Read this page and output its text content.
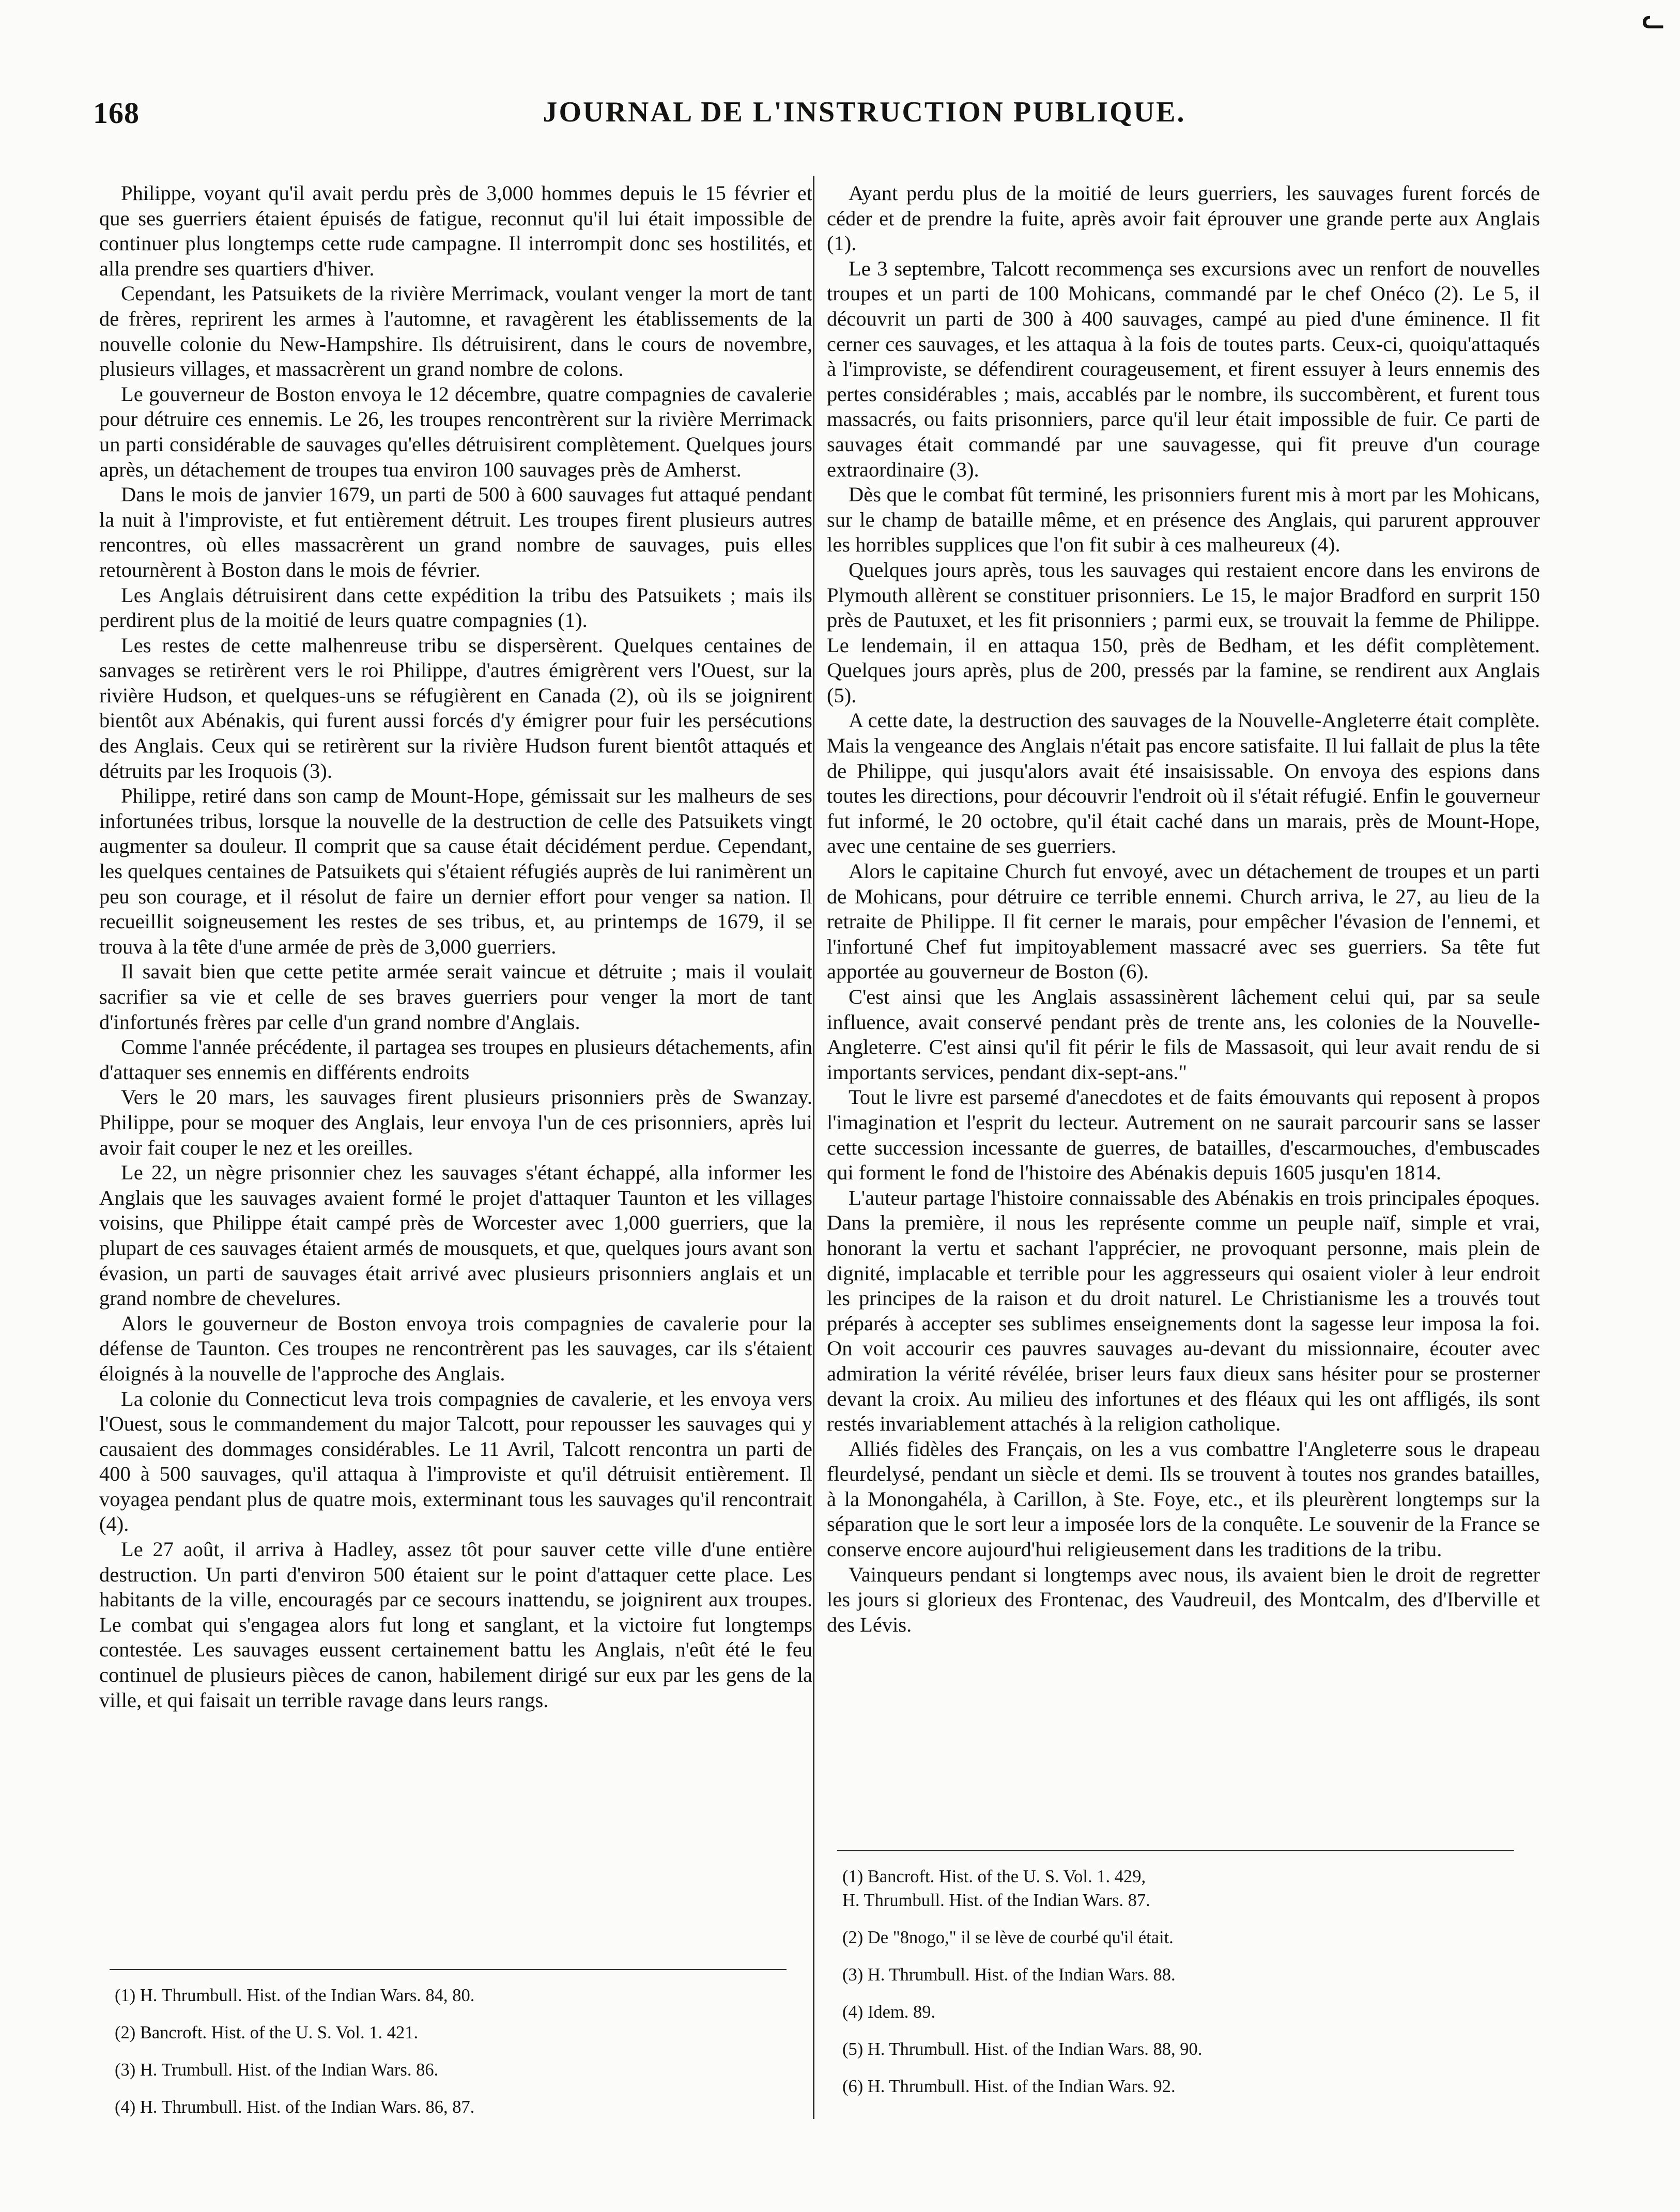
168	JOURNAL DE L'INSTRUCTION PUBLIQUE.
ᓚ

Philippe, voyant qu'il avait perdu près de 3,000 hommes depuis le 15 février et que ses guerriers étaient épuisés de fatigue, reconnut qu'il lui était impossible de continuer plus longtemps cette rude campagne. Il interrompit donc ses hostilités, et alla prendre ses quartiers d'hiver.

Cependant, les Patsuikets de la rivière Merrimack, voulant venger la mort de tant de frères, reprirent les armes à l'automne, et ravagèrent les établissements de la nouvelle colonie du New-Hampshire. Ils détruisirent, dans le cours de novembre, plusieurs villages, et massacrèrent un grand nombre de colons.

Le gouverneur de Boston envoya le 12 décembre, quatre compagnies de cavalerie pour détruire ces ennemis. Le 26, les troupes rencontrèrent sur la rivière Merrimack un parti considérable de sauvages qu'elles détruisirent complètement. Quelques jours après, un détachement de troupes tua environ 100 sauvages près de Amherst.

Dans le mois de janvier 1679, un parti de 500 à 600 sauvages fut attaqué pendant la nuit à l'improviste, et fut entièrement détruit. Les troupes firent plusieurs autres rencontres, où elles massacrèrent un grand nombre de sauvages, puis elles retournèrent à Boston dans le mois de février.

Les Anglais détruisirent dans cette expédition la tribu des Patsuikets ; mais ils perdirent plus de la moitié de leurs quatre compagnies (1).

Les restes de cette malhenreuse tribu se dispersèrent. Quelques centaines de sanvages se retirèrent vers le roi Philippe, d'autres émigrèrent vers l'Ouest, sur la rivière Hudson, et quelques-uns se réfugièrent en Canada (2), où ils se joignirent bientôt aux Abénakis, qui furent aussi forcés d'y émigrer pour fuir les persécutions des Anglais. Ceux qui se retirèrent sur la rivière Hudson furent bientôt attaqués et détruits par les Iroquois (3).

Philippe, retiré dans son camp de Mount-Hope, gémissait sur les malheurs de ses infortunées tribus, lorsque la nouvelle de la destruction de celle des Patsuikets vingt augmenter sa douleur. Il comprit que sa cause était décidément perdue. Cependant, les quelques centaines de Patsuikets qui s'étaient réfugiés auprès de lui ranimèrent un peu son courage, et il résolut de faire un dernier effort pour venger sa nation. Il recueillit soigneusement les restes de ses tribus, et, au printemps de 1679, il se trouva à la tête d'une armée de près de 3,000 guerriers.

Il savait bien que cette petite armée serait vaincue et détruite ; mais il voulait sacrifier sa vie et celle de ses braves guerriers pour venger la mort de tant d'infortunés frères par celle d'un grand nombre d'Anglais.

Comme l'année précédente, il partagea ses troupes en plusieurs détachements, afin d'attaquer ses ennemis en différents endroits

Vers le 20 mars, les sauvages firent plusieurs prisonniers près de Swanzay. Philippe, pour se moquer des Anglais, leur envoya l'un de ces prisonniers, après lui avoir fait couper le nez et les oreilles.

Le 22, un nègre prisonnier chez les sauvages s'étant échappé, alla informer les Anglais que les sauvages avaient formé le projet d'attaquer Taunton et les villages voisins, que Philippe était campé près de Worcester avec 1,000 guerriers, que la plupart de ces sauvages étaient armés de mousquets, et que, quelques jours avant son évasion, un parti de sauvages était arrivé avec plusieurs prisonniers anglais et un grand nombre de chevelures.

Alors le gouverneur de Boston envoya trois compagnies de cavalerie pour la défense de Taunton. Ces troupes ne rencontrèrent pas les sauvages, car ils s'étaient éloignés à la nouvelle de l'approche des Anglais.

La colonie du Connecticut leva trois compagnies de cavalerie, et les envoya vers l'Ouest, sous le commandement du major Talcott, pour repousser les sauvages qui y causaient des dommages considérables. Le 11 Avril, Talcott rencontra un parti de 400 à 500 sauvages, qu'il attaqua à l'improviste et qu'il détruisit entièrement. Il voyagea pendant plus de quatre mois, exterminant tous les sauvages qu'il rencontrait (4).

Le 27 août, il arriva à Hadley, assez tôt pour sauver cette ville d'une entière destruction. Un parti d'environ 500 étaient sur le point d'attaquer cette place. Les habitants de la ville, encouragés par ce secours inattendu, se joignirent aux troupes. Le combat qui s'engagea alors fut long et sanglant, et la victoire fut longtemps contestée. Les sauvages eussent certainement battu les Anglais, n'eût été le feu continuel de plusieurs pièces de canon, habilement dirigé sur eux par les gens de la ville, et qui faisait un terrible ravage dans leurs rangs.

Ayant perdu plus de la moitié de leurs guerriers, les sauvages furent forcés de céder et de prendre la fuite, après avoir fait éprouver une grande perte aux Anglais (1).

Le 3 septembre, Talcott recommença ses excursions avec un renfort de nouvelles troupes et un parti de 100 Mohicans, commandé par le chef Onéco (2). Le 5, il découvrit un parti de 300 à 400 sauvages, campé au pied d'une éminence. Il fit cerner ces sauvages, et les attaqua à la fois de toutes parts. Ceux-ci, quoiqu'attaqués à l'improviste, se défendirent courageusement, et firent essuyer à leurs ennemis des pertes considérables ; mais, accablés par le nombre, ils succombèrent, et furent tous massacrés, ou faits prisonniers, parce qu'il leur était impossible de fuir. Ce parti de sauvages était commandé par une sauvagesse, qui fit preuve d'un courage extraordinaire (3).

Dès que le combat fût terminé, les prisonniers furent mis à mort par les Mohicans, sur le champ de bataille même, et en présence des Anglais, qui parurent approuver les horribles supplices que l'on fit subir à ces malheureux (4).

Quelques jours après, tous les sauvages qui restaient encore dans les environs de Plymouth allèrent se constituer prisonniers. Le 15, le major Bradford en surprit 150 près de Pautuxet, et les fit prisonniers ; parmi eux, se trouvait la femme de Philippe. Le lendemain, il en attaqua 150, près de Bedham, et les défit complètement. Quelques jours après, plus de 200, pressés par la famine, se rendirent aux Anglais (5).

A cette date, la destruction des sauvages de la Nouvelle-Angleterre était complète. Mais la vengeance des Anglais n'était pas encore satisfaite. Il lui fallait de plus la tête de Philippe, qui jusqu'alors avait été insaisissable. On envoya des espions dans toutes les directions, pour découvrir l'endroit où il s'était réfugié. Enfin le gouverneur fut informé, le 20 octobre, qu'il était caché dans un marais, près de Mount-Hope, avec une centaine de ses guerriers.

Alors le capitaine Church fut envoyé, avec un détachement de troupes et un parti de Mohicans, pour détruire ce terrible ennemi. Church arriva, le 27, au lieu de la retraite de Philippe. Il fit cerner le marais, pour empêcher l'évasion de l'ennemi, et l'infortuné Chef fut impitoyablement massacré avec ses guerriers. Sa tête fut apportée au gouverneur de Boston (6).

C'est ainsi que les Anglais assassinèrent lâchement celui qui, par sa seule influence, avait conservé pendant près de trente ans, les colonies de la Nouvelle-Angleterre. C'est ainsi qu'il fit périr le fils de Massasoit, qui leur avait rendu de si importants services, pendant dix-sept-ans."

Tout le livre est parsemé d'anecdotes et de faits émouvants qui reposent à propos l'imagination et l'esprit du lecteur. Autrement on ne saurait parcourir sans se lasser cette succession incessante de guerres, de batailles, d'escarmouches, d'embuscades qui forment le fond de l'histoire des Abénakis depuis 1605 jusqu'en 1814.

L'auteur partage l'histoire connaissable des Abénakis en trois principales époques. Dans la première, il nous les représente comme un peuple naïf, simple et vrai, honorant la vertu et sachant l'apprécier, ne provoquant personne, mais plein de dignité, implacable et terrible pour les aggresseurs qui osaient violer à leur endroit les principes de la raison et du droit naturel. Le Christianisme les a trouvés tout préparés à accepter ses sublimes enseignements dont la sagesse leur imposa la foi. On voit accourir ces pauvres sauvages au-devant du missionnaire, écouter avec admiration la vérité révélée, briser leurs faux dieux sans hésiter pour se prosterner devant la croix. Au milieu des infortunes et des fléaux qui les ont affligés, ils sont restés invariablement attachés à la religion catholique.

Alliés fidèles des Français, on les a vus combattre l'Angleterre sous le drapeau fleurdelysé, pendant un siècle et demi. Ils se trouvent à toutes nos grandes batailles, à la Monongahéla, à Carillon, à Ste. Foye, etc., et ils pleurèrent longtemps sur la séparation que le sort leur a imposée lors de la conquête. Le souvenir de la France se conserve encore aujourd'hui religieusement dans les traditions de la tribu.

Vainqueurs pendant si longtemps avec nous, ils avaient bien le droit de regretter les jours si glorieux des Frontenac, des Vaudreuil, des Montcalm, des d'Iberville et des Lévis.

(1) H. Thrumbull. Hist. of the Indian Wars. 84, 80.

(2) Bancroft. Hist. of the U. S. Vol. 1. 421.

(3) H. Trumbull. Hist. of the Indian Wars. 86.

(4) H. Thrumbull. Hist. of the Indian Wars. 86, 87.

(1) Bancroft. Hist. of the U. S. Vol. 1. 429,

H. Thrumbull. Hist. of the Indian Wars. 87.

(2) De "8nogo," il se lève de courbé qu'il était.

(3) H. Thrumbull. Hist. of the Indian Wars. 88.

(4) Idem. 89.

(5) H. Thrumbull. Hist. of the Indian Wars. 88, 90.

(6) H. Thrumbull. Hist. of the Indian Wars. 92.
